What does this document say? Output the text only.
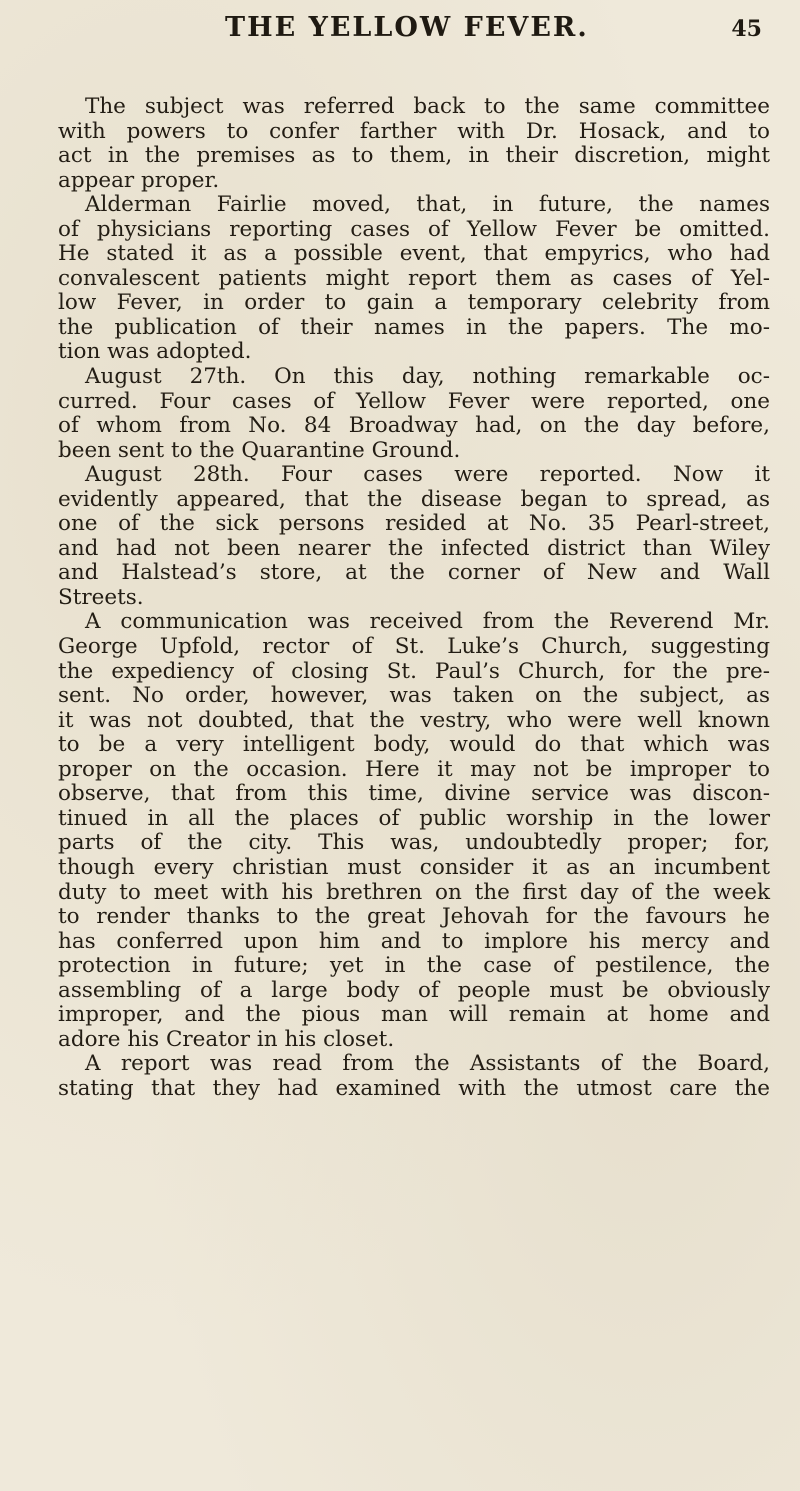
THE YELLOW FEVER.	45
The subject was referred back to the same committee
with powers to confer farther with Dr. Hosack, and to
act in the premises as to them, in their discretion, might
appear proper.
Alderman Fairlie moved, that, in future, the names
of physicians reporting cases of Yellow Fever be omitted.
He stated it as a possible event, that empyrics, who had
convalescent patients might report them as cases of Yel-
low Fever, in order to gain a temporary celebrity from
the publication of their names in the papers. The mo-
tion was adopted.
August 27th. On this day, nothing remarkable oc-
curred. Four cases of Yellow Fever were reported, one
of whom from No. 84 Broadway had, on the day before,
been sent to the Quarantine Ground.
August 28th. Four cases were reported. Now it
evidently appeared, that the disease began to spread, as
one of the sick persons resided at No. 35 Pearl-street,
and had not been nearer the infected district than Wiley
and Halstead’s store, at the corner of New and Wall
Streets.
A communication was received from the Reverend Mr.
George Upfold, rector of St. Luke’s Church, suggesting
the expediency of closing St. Paul’s Church, for the pre-
sent. No order, however, was taken on the subject, as
it was not doubted, that the vestry, who were well known
to be a very intelligent body, would do that which was
proper on the occasion. Here it may not be improper to
observe, that from this time, divine service was discon-
tinued in all the places of public worship in the lower
parts of the city. This was, undoubtedly proper; for,
though every christian must consider it as an incumbent
duty to meet with his brethren on the first day of the week
to render thanks to the great Jehovah for the favours he
has conferred upon him and to implore his mercy and
protection in future; yet in the case of pestilence, the
assembling of a large body of people must be obviously
improper, and the pious man will remain at home and
adore his Creator in his closet.
A report was read from the Assistants of the Board,
stating that they had examined with the utmost care the
